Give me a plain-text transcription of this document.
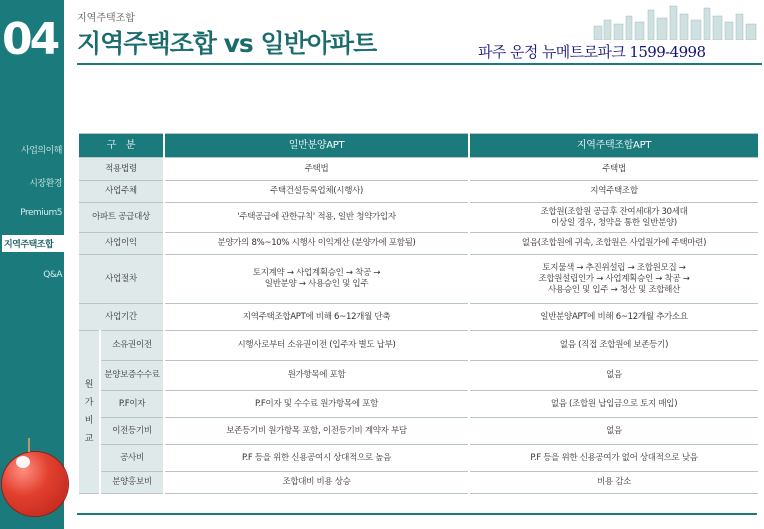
04
사업의이해
시장환경
Premium5
지역주택조합
Q&A
지역주택조합
지역주택조합 vs 일반아파트	파주 운정 뉴메트로파크 1599-4998
구　분		일반분양APT	지역주택조합APT
적용법령		주택법	주택법
사업주체		주택건설등록업체(시행사)	지역주택조합
아파트 공급대상		'주택공급에 관한규칙' 적용, 일반 청약가입자	조합원(조합원 공급후 잔여세대가 30세대
이상일 경우, 청약을 통한 일반분양)
사업이익		분양가의 8%~10% 시행사 이익계산 (분양가에 포함됨)	없음(조합원에 귀속, 조합원은 사업원가에 주택마련)
사업절차		토지계약 → 사업계획승인 → 착공 →
일반분양 → 사용승인 및 입주	토지물색 → 추진위설립 → 조합원모집 →
조합원설립인가 → 사업계획승인 → 착공 →
사용승인 및 입주 → 청산 및 조합해산
사업기간		지역주택조합APT에 비해 6~12개월 단축	일반분양APT에 비해 6~12개월 추가소요
원
가
비
교	소유권이전	시행사로부터 소유권이전 (입주자 별도 납부)	없음 (직접 조합원에 보존등기)
	분양보증수수료	원가항목에 포함	없음
	P.F이자	P.F이자 및 수수료 원가항목에 포함	없음 (조합원 납입금으로 토지 매입)
	이전등기비	보존등기비 원가항목 포함, 이전등기비 계약자 부담	없음
	공사비	P.F 등을 위한 신용공여시 상대적으로 높음	P.F 등을 위한 신용공여가 없어 상대적으로 낮음
	분양홍보비	조합대비 비용 상승	비용 감소
